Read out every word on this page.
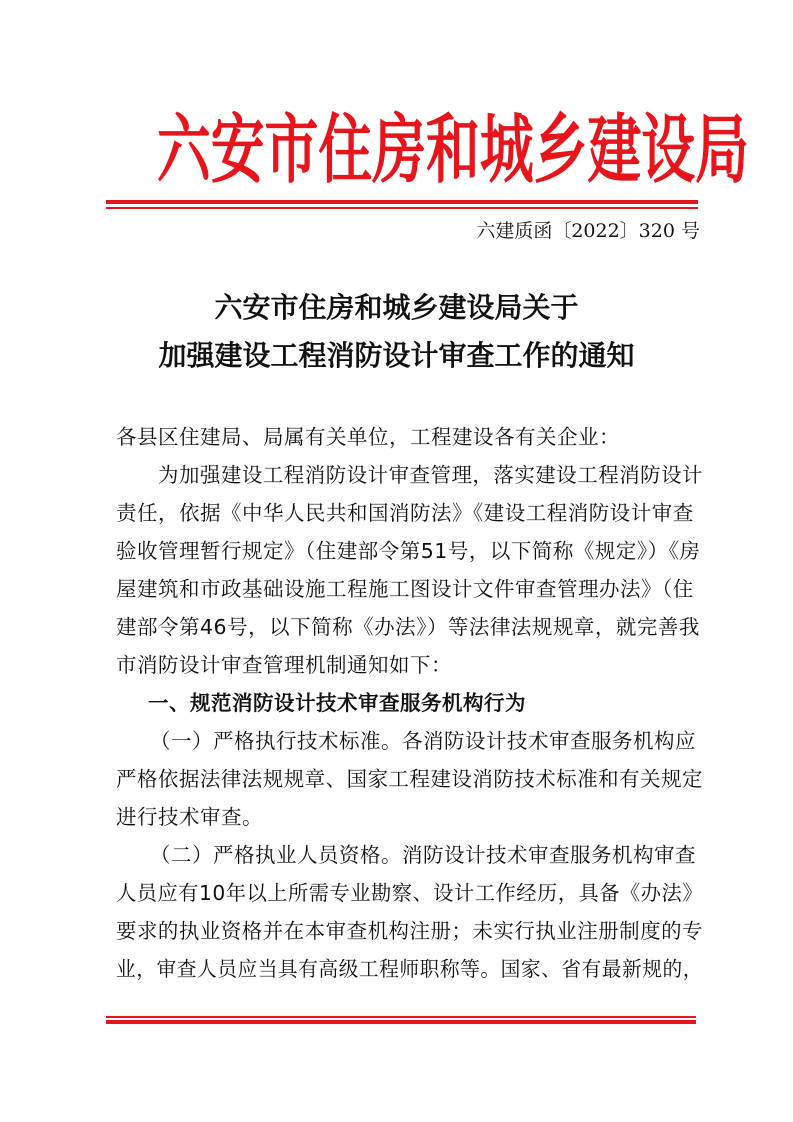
六安市住房和城乡建设局
六建质函〔2022〕320 号
六安市住房和城乡建设局关于
加强建设工程消防设计审查工作的通知
各县区住建局、局属有关单位，工程建设各有关企业：
为加强建设工程消防设计审查管理，落实建设工程消防设计
责任，依据《中华人民共和国消防法》《建设工程消防设计审查
验收管理暂行规定》（住建部令第51号，以下简称《规定》）《房
屋建筑和市政基础设施工程施工图设计文件审查管理办法》（住
建部令第46号，以下简称《办法》）等法律法规规章，就完善我
市消防设计审查管理机制通知如下：
一、规范消防设计技术审查服务机构行为
（一）严格执行技术标准。各消防设计技术审查服务机构应
严格依据法律法规规章、国家工程建设消防技术标准和有关规定
进行技术审查。
（二）严格执业人员资格。消防设计技术审查服务机构审查
人员应有10年以上所需专业勘察、设计工作经历，具备《办法》
要求的执业资格并在本审查机构注册；未实行执业注册制度的专
业，审查人员应当具有高级工程师职称等。国家、省有最新规的，
